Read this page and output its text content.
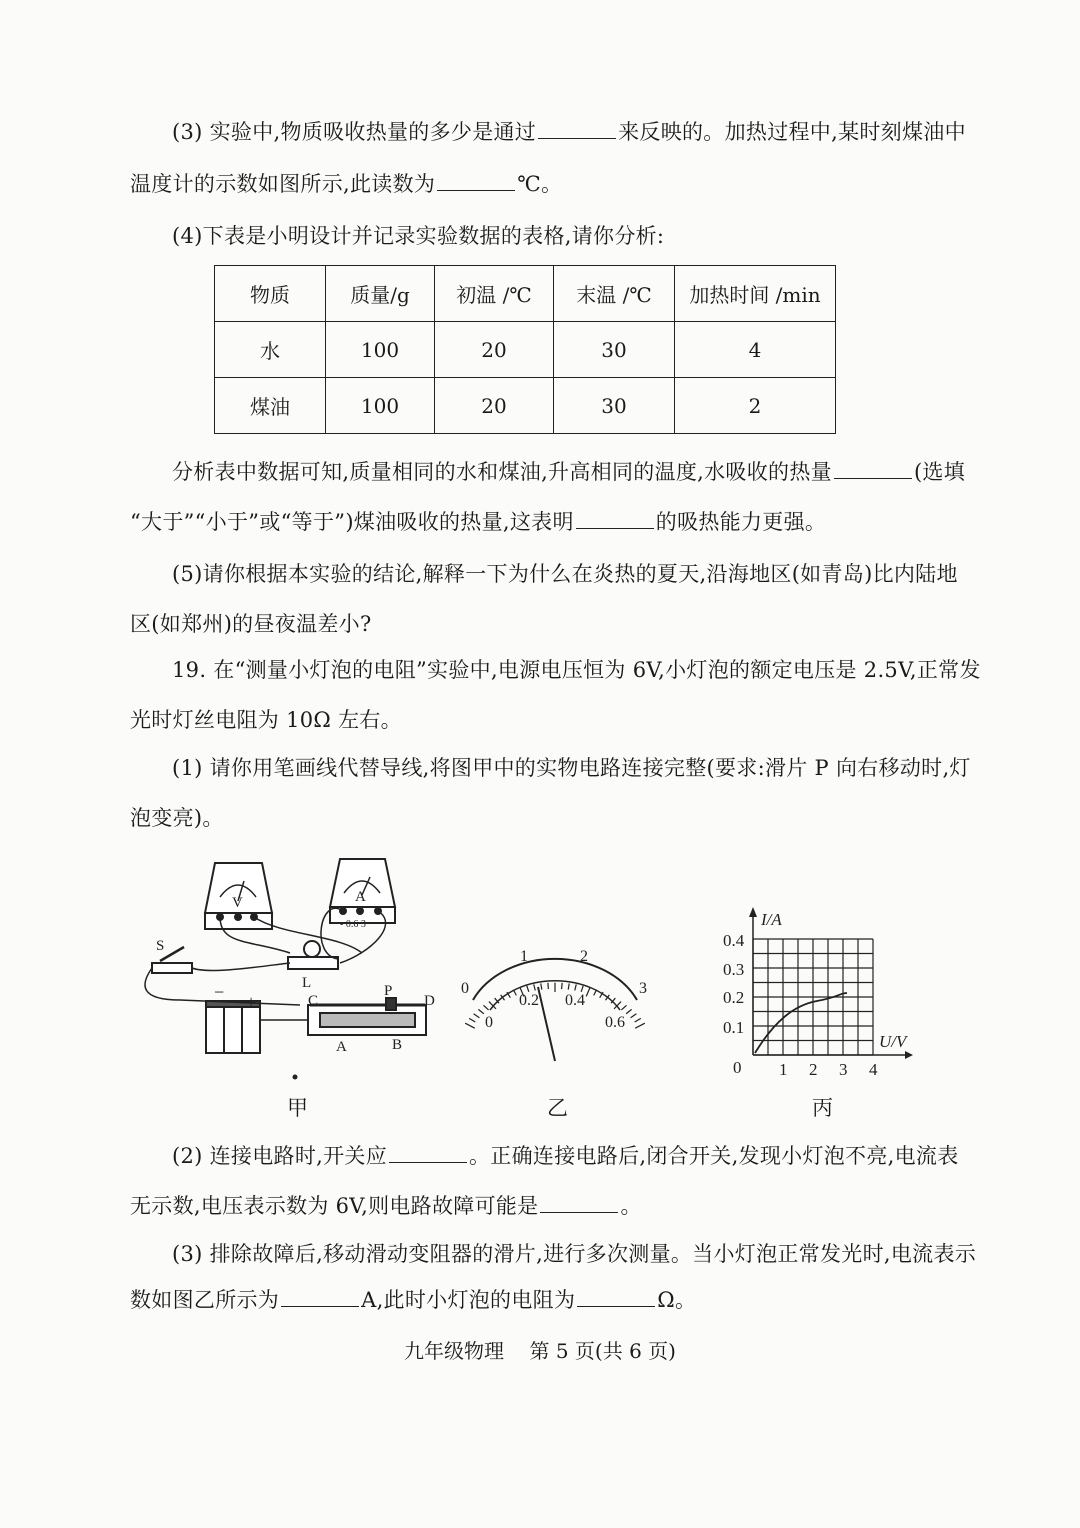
(3) 实验中,物质吸收热量的多少是通过	来反映的。加热过程中,某时刻煤油中
温度计的示数如图所示,此读数为	℃。
(4)下表是小明设计并记录实验数据的表格,请你分析:
物质	质量/g	初温 /℃	末温 /℃	加热时间 /min
水	100	20	30	4
煤油	100	20	30	2
分析表中数据可知,质量相同的水和煤油,升高相同的温度,水吸收的热量	(选填
“大于”“小于”或“等于”)煤油吸收的热量,这表明	的吸热能力更强。
(5)请你根据本实验的结论,解释一下为什么在炎热的夏天,沿海地区(如青岛)比内陆地
区(如郑州)的昼夜温差小?
19. 在“测量小灯泡的电阻”实验中,电源电压恒为 6V,小灯泡的额定电压是 2.5V,正常发
光时灯丝电阻为 10Ω 左右。
(1) 请你用笔画线代替导线,将图甲中的实物电路连接完整(要求:滑片 P 向右移动时,灯
泡变亮)。
V	A
- 0.6 3
S
L
C
P
D
A	B
− +
甲
0
1	2
3
0
0.2 0.4
0.6
乙
I/A
U/V
0
0.1
0.2
0.3
0.4
1 2 3 4
丙
(2) 连接电路时,开关应	。正确连接电路后,闭合开关,发现小灯泡不亮,电流表
无示数,电压表示数为 6V,则电路故障可能是	。
(3) 排除故障后,移动滑动变阻器的滑片,进行多次测量。当小灯泡正常发光时,电流表示
数如图乙所示为	A,此时小灯泡的电阻为	Ω。
九年级物理 第 5 页(共 6 页)
